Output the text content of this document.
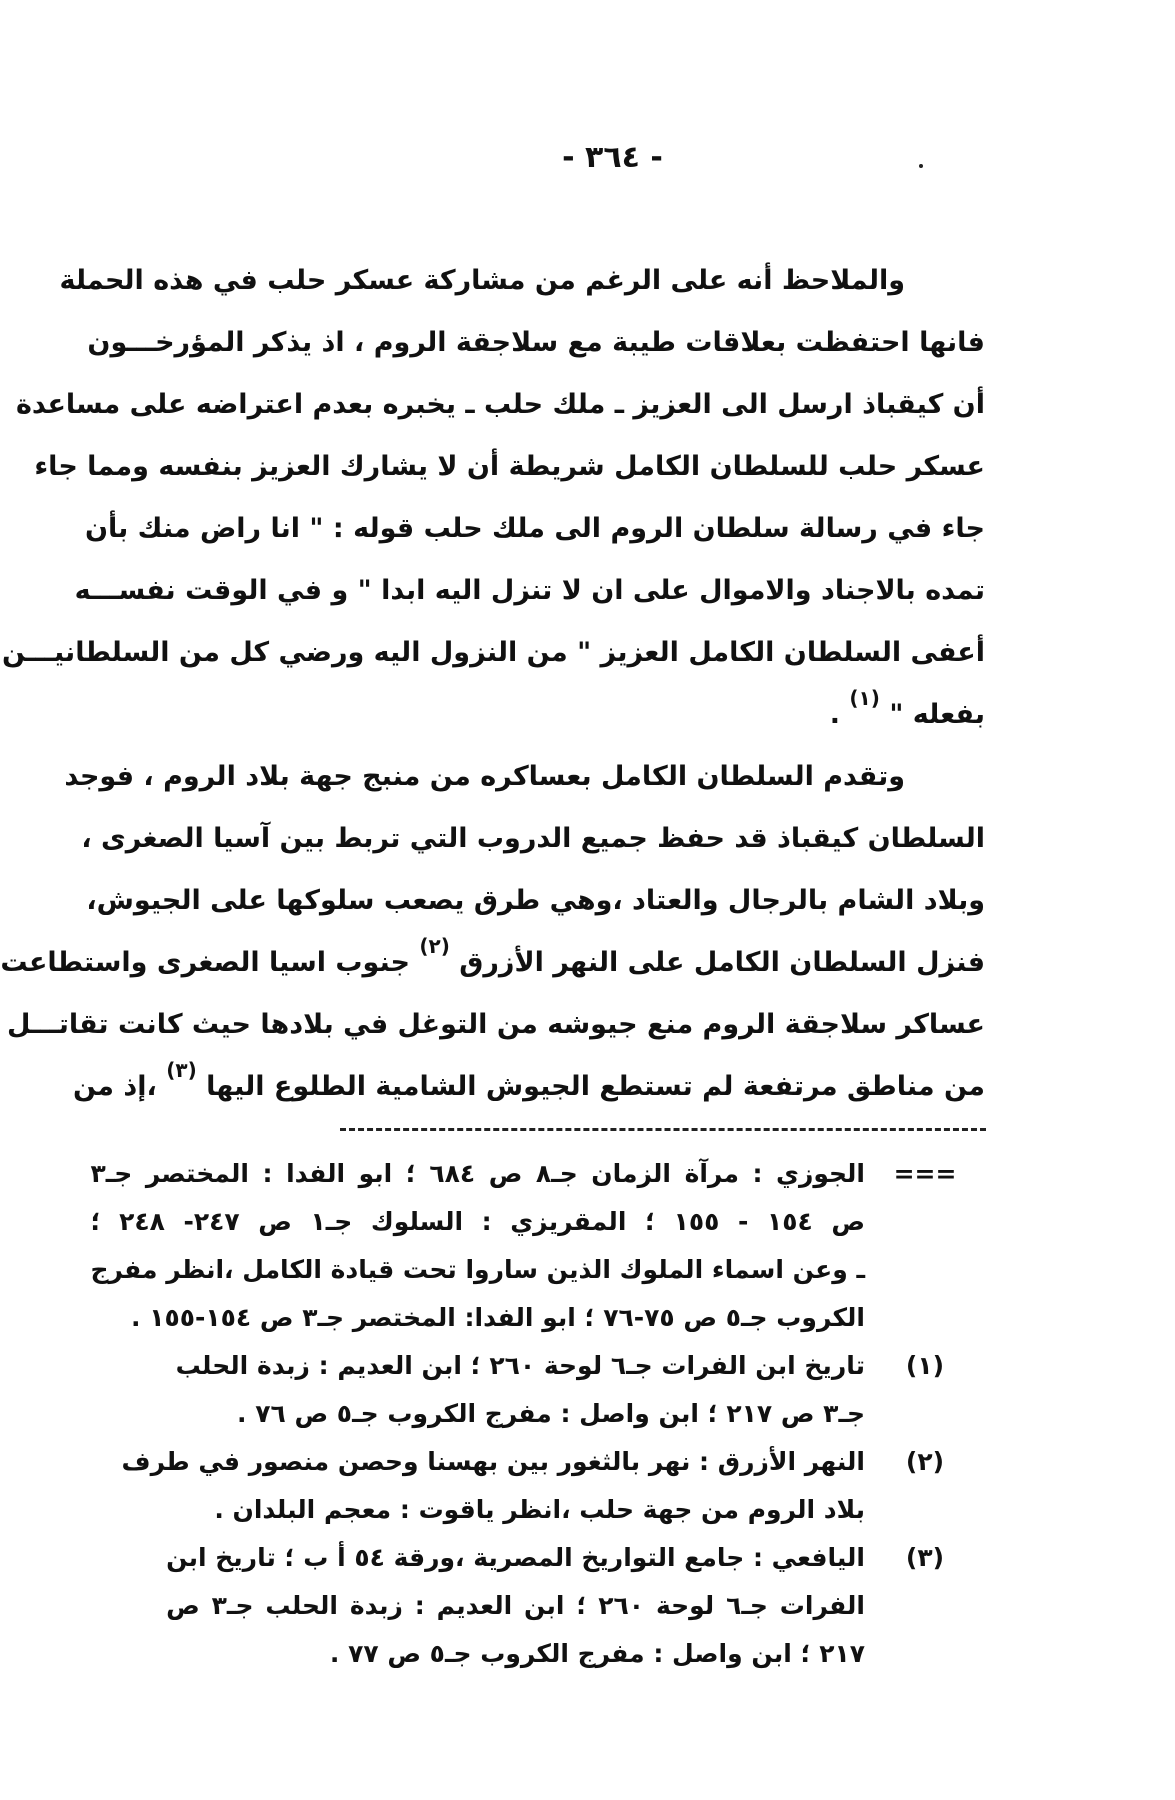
- ٣٦٤ -
والملاحظ أنه على الرغم من مشاركة عسكر حلب في هذه الحملة
فانها احتفظت بعلاقات طيبة مع سلاجقة الروم ، اذ يذكر المؤرخـــون
أن كيقباذ ارسل الى العزيز ـ ملك حلب ـ يخبره بعدم اعتراضه على مساعدة
عسكر حلب للسلطان الكامل شريطة أن لا يشارك العزيز بنفسه ومما جاء
جاء في رسالة سلطان الروم الى ملك حلب قوله : " انا راض منك بأن
تمده بالاجناد والاموال على ان لا تنزل اليه ابدا " و في الوقت نفســـه
أعفى السلطان الكامل العزيز " من النزول اليه ورضي كل من السلطانيـــن
بفعله " $^{(١)}$ .
وتقدم السلطان الكامل بعساكره من منبج جهة بلاد الروم ، فوجد
السلطان كيقباذ قد حفظ جميع الدروب التي تربط بين آسيا الصغرى ،
وبلاد الشام بالرجال والعتاد ،وهي طرق يصعب سلوكها على الجيوش،
فنزل السلطان الكامل على النهر الأزرق $^{(٢)}$ جنوب اسيا الصغرى واستطاعت
عساكر سلاجقة الروم منع جيوشه من التوغل في بلادها حيث كانت تقاتـــل
من مناطق مرتفعة لم تستطع الجيوش الشامية الطلوع اليها $^{(٣)}$ ،إذ من
===
الجوزي : مرآة الزمان جـ٨ ص ٦٨٤ ؛ ابو الفدا : المختصر جـ٣
ص ١٥٤ - ١٥٥ ؛ المقريزي : السلوك جـ١ ص ٢٤٧- ٢٤٨ ؛
ـ وعن اسماء الملوك الذين ساروا تحت قيادة الكامل ،انظر مفرج
الكروب جـ٥ ص ٧٥-٧٦ ؛ ابو الفدا: المختصر جـ٣ ص ١٥٤-١٥٥ .
(١)
تاريخ ابن الفرات جـ٦ لوحة ٢٦٠ ؛ ابن العديم : زبدة الحلب
جـ٣ ص ٢١٧ ؛ ابن واصل : مفرج الكروب جـ٥ ص ٧٦ .
(٢)
النهر الأزرق : نهر بالثغور بين بهسنا وحصن منصور في طرف
بلاد الروم من جهة حلب ،انظر ياقوت : معجم البلدان .
(٣)
اليافعي : جامع التواريخ المصرية ،ورقة ٥٤ أ ب ؛ تاريخ ابن
الفرات جـ٦ لوحة ٢٦٠ ؛ ابن العديم : زبدة الحلب جـ٣ ص
٢١٧ ؛ ابن واصل : مفرج الكروب جـ٥ ص ٧٧ .
